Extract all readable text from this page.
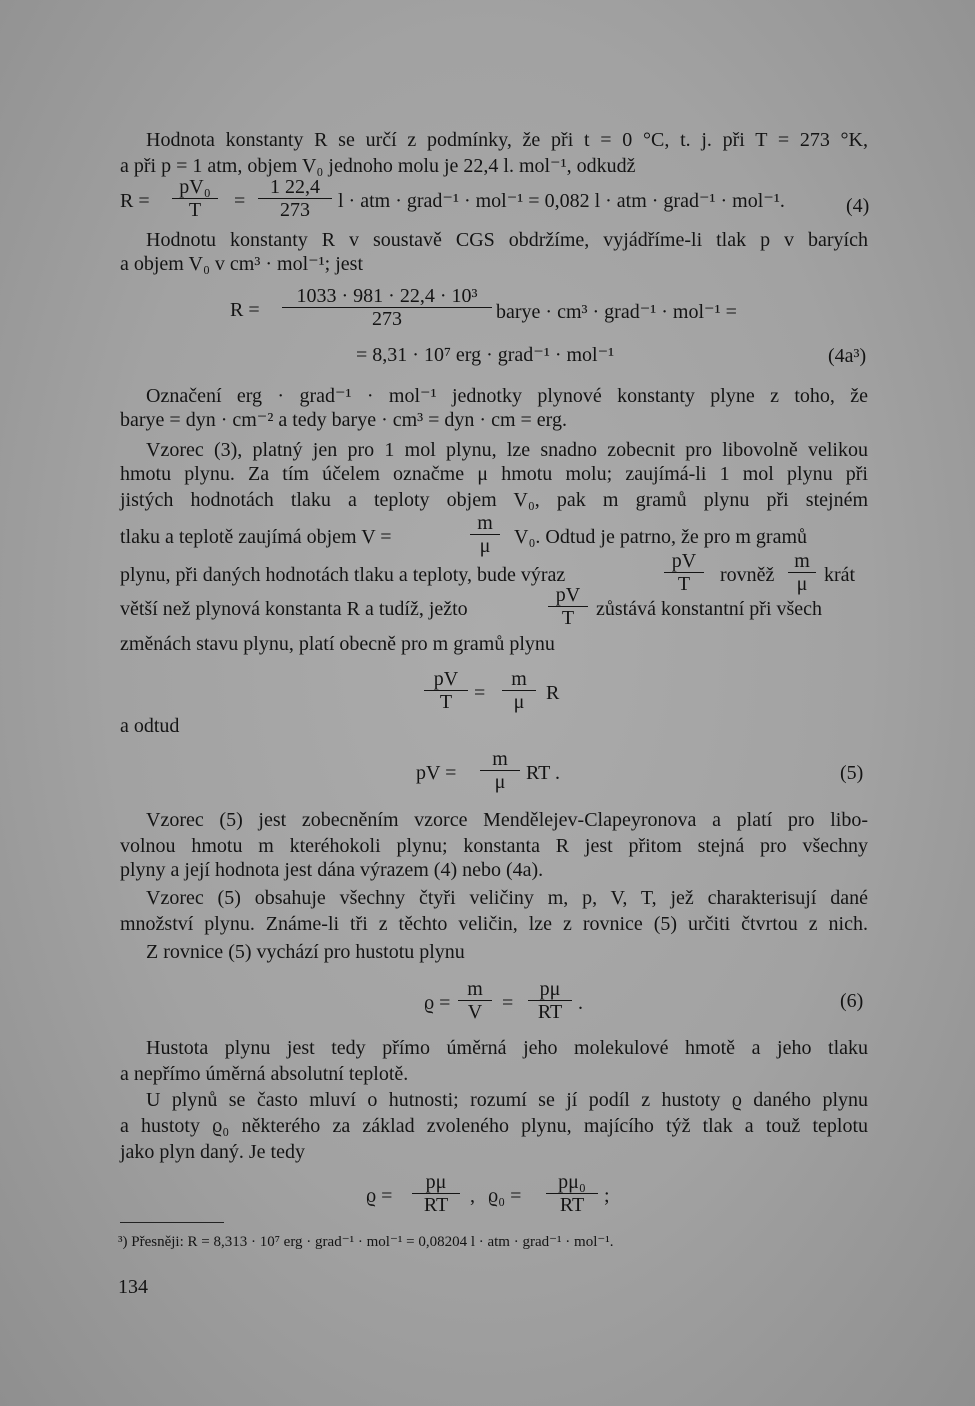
Hodnota konstanty R se určí z podmínky, že při t = 0 °C, t. j. při T = 273 °K,
a při p = 1 atm, objem V₀ jednoho molu je 22,4 l. mol⁻¹, odkudž
$R = \frac{\text{pV₀}}{T} = \frac{1 22,4}{273}$ l · atm · grad⁻¹ · mol⁻¹ = 0,082 l · atm · grad⁻¹ · mol⁻¹.	(4)
Hodnotu konstanty R v soustavě CGS obdržíme, vyjádříme-li tlak p v baryích
a objem V₀ v cm³ · mol⁻¹; jest
$R = \frac{\text{1033 · 981 · 22,4 · 10³}}{273}$ barye · cm³ · grad⁻¹ · mol⁻¹ =
= 8,31 · 10⁷ erg · grad⁻¹ · mol⁻¹	(4a³)
Označení erg · grad⁻¹ · mol⁻¹ jednotky plynové konstanty plyne z toho, že
barye = dyn · cm⁻² a tedy barye · cm³ = dyn · cm = erg.
Vzorec (3), platný jen pro 1 mol plynu, lze snadno zobecnit pro libovolně velikou
hmotu plynu. Za tím účelem označme μ hmotu molu; zaujímá-li 1 mol plynu při
jistých hodnotách tlaku a teploty objem V₀, pak m gramů plynu při stejném
tlaku a teplotě zaujímá objem V =	$\frac{m}{\mu} V_0$. Odtud je patrno, že pro m gramů
plynu, při daných hodnotách tlaku a teploty, bude výraz	$\frac{pV}{T}$ rovněž $\frac{m}{\mu}$ krát
větší než plynová konstanta R a tudíž, ježto	$\frac{pV}{T}$ zůstává konstantní při všech
změnách stavu plynu, platí obecně pro m gramů plynu
$\frac{pV}{T} = \frac{m}{\mu}$ R
a odtud
pV = $\frac{m}{\mu}$ RT .	(5)
Vzorec (5) jest zobecněním vzorce Mendělejev-Clapeyronova a platí pro libo-
volnou hmotu m kteréhokoli plynu; konstanta R jest přitom stejná pro všechny
plyny a její hodnota jest dána výrazem (4) nebo (4a).
Vzorec (5) obsahuje všechny čtyři veličiny m, p, V, T, jež charakterisují dané
množství plynu. Známe-li tři z těchto veličin, lze z rovnice (5) určiti čtvrtou z nich.
Z rovnice (5) vychází pro hustotu plynu
$ϱ = \frac{m}{V} = \frac{p\mu}{RT}$ .	(6)
Hustota plynu jest tedy přímo úměrná jeho molekulové hmotě a jeho tlaku
a nepřímo úměrná absolutní teplotě.
U plynů se často mluví o hutnosti; rozumí se jí podíl z hustoty ϱ daného plynu
a hustoty ϱ₀ některého za základ zvoleného plynu, majícího týž tlak a touž teplotu
jako plyn daný. Je tedy
$ϱ = \frac{p\mu}{RT}$ , $ϱ_0 = \frac{\text{pμ₀}}{RT}$ ;
³) Přesněji: R = 8,313 · 10⁷ erg · grad⁻¹ · mol⁻¹ = 0,08204 l · atm · grad⁻¹ · mol⁻¹.
134
